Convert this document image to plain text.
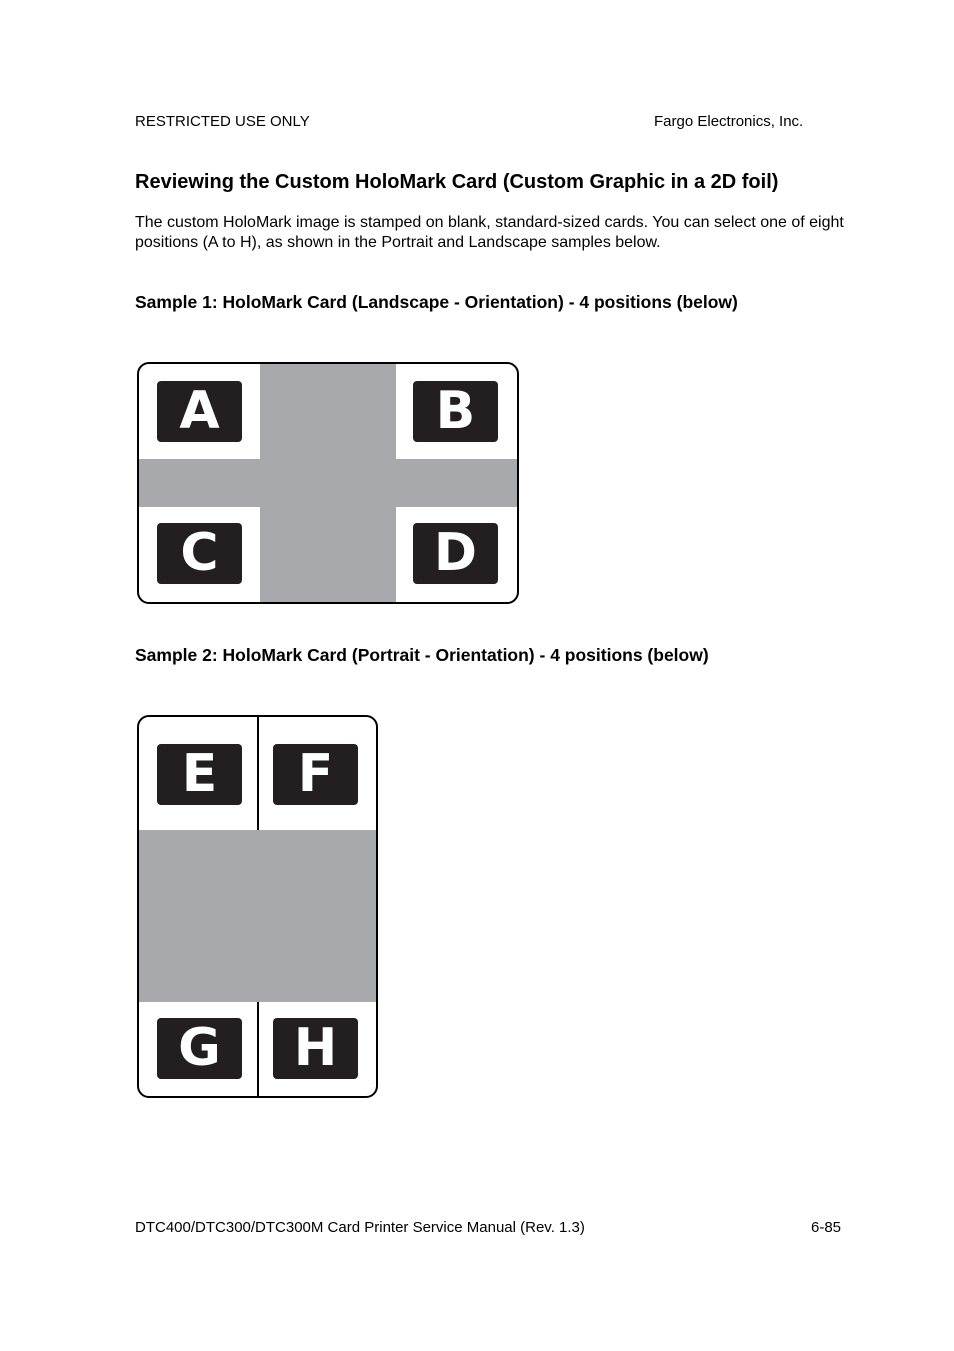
RESTRICTED USE ONLY	Fargo Electronics, Inc.
Reviewing the Custom HoloMark Card (Custom Graphic in a 2D foil)
The custom HoloMark image is stamped on blank, standard-sized cards. You can select one of eight positions (A to H), as shown in the Portrait and Landscape samples below.
Sample 1: HoloMark Card (Landscape - Orientation) - 4 positions (below)
A	B
C	D
Sample 2: HoloMark Card (Portrait - Orientation) - 4 positions (below)
E	F
G	H
DTC400/DTC300/DTC300M Card Printer Service Manual (Rev. 1.3)	6-85
